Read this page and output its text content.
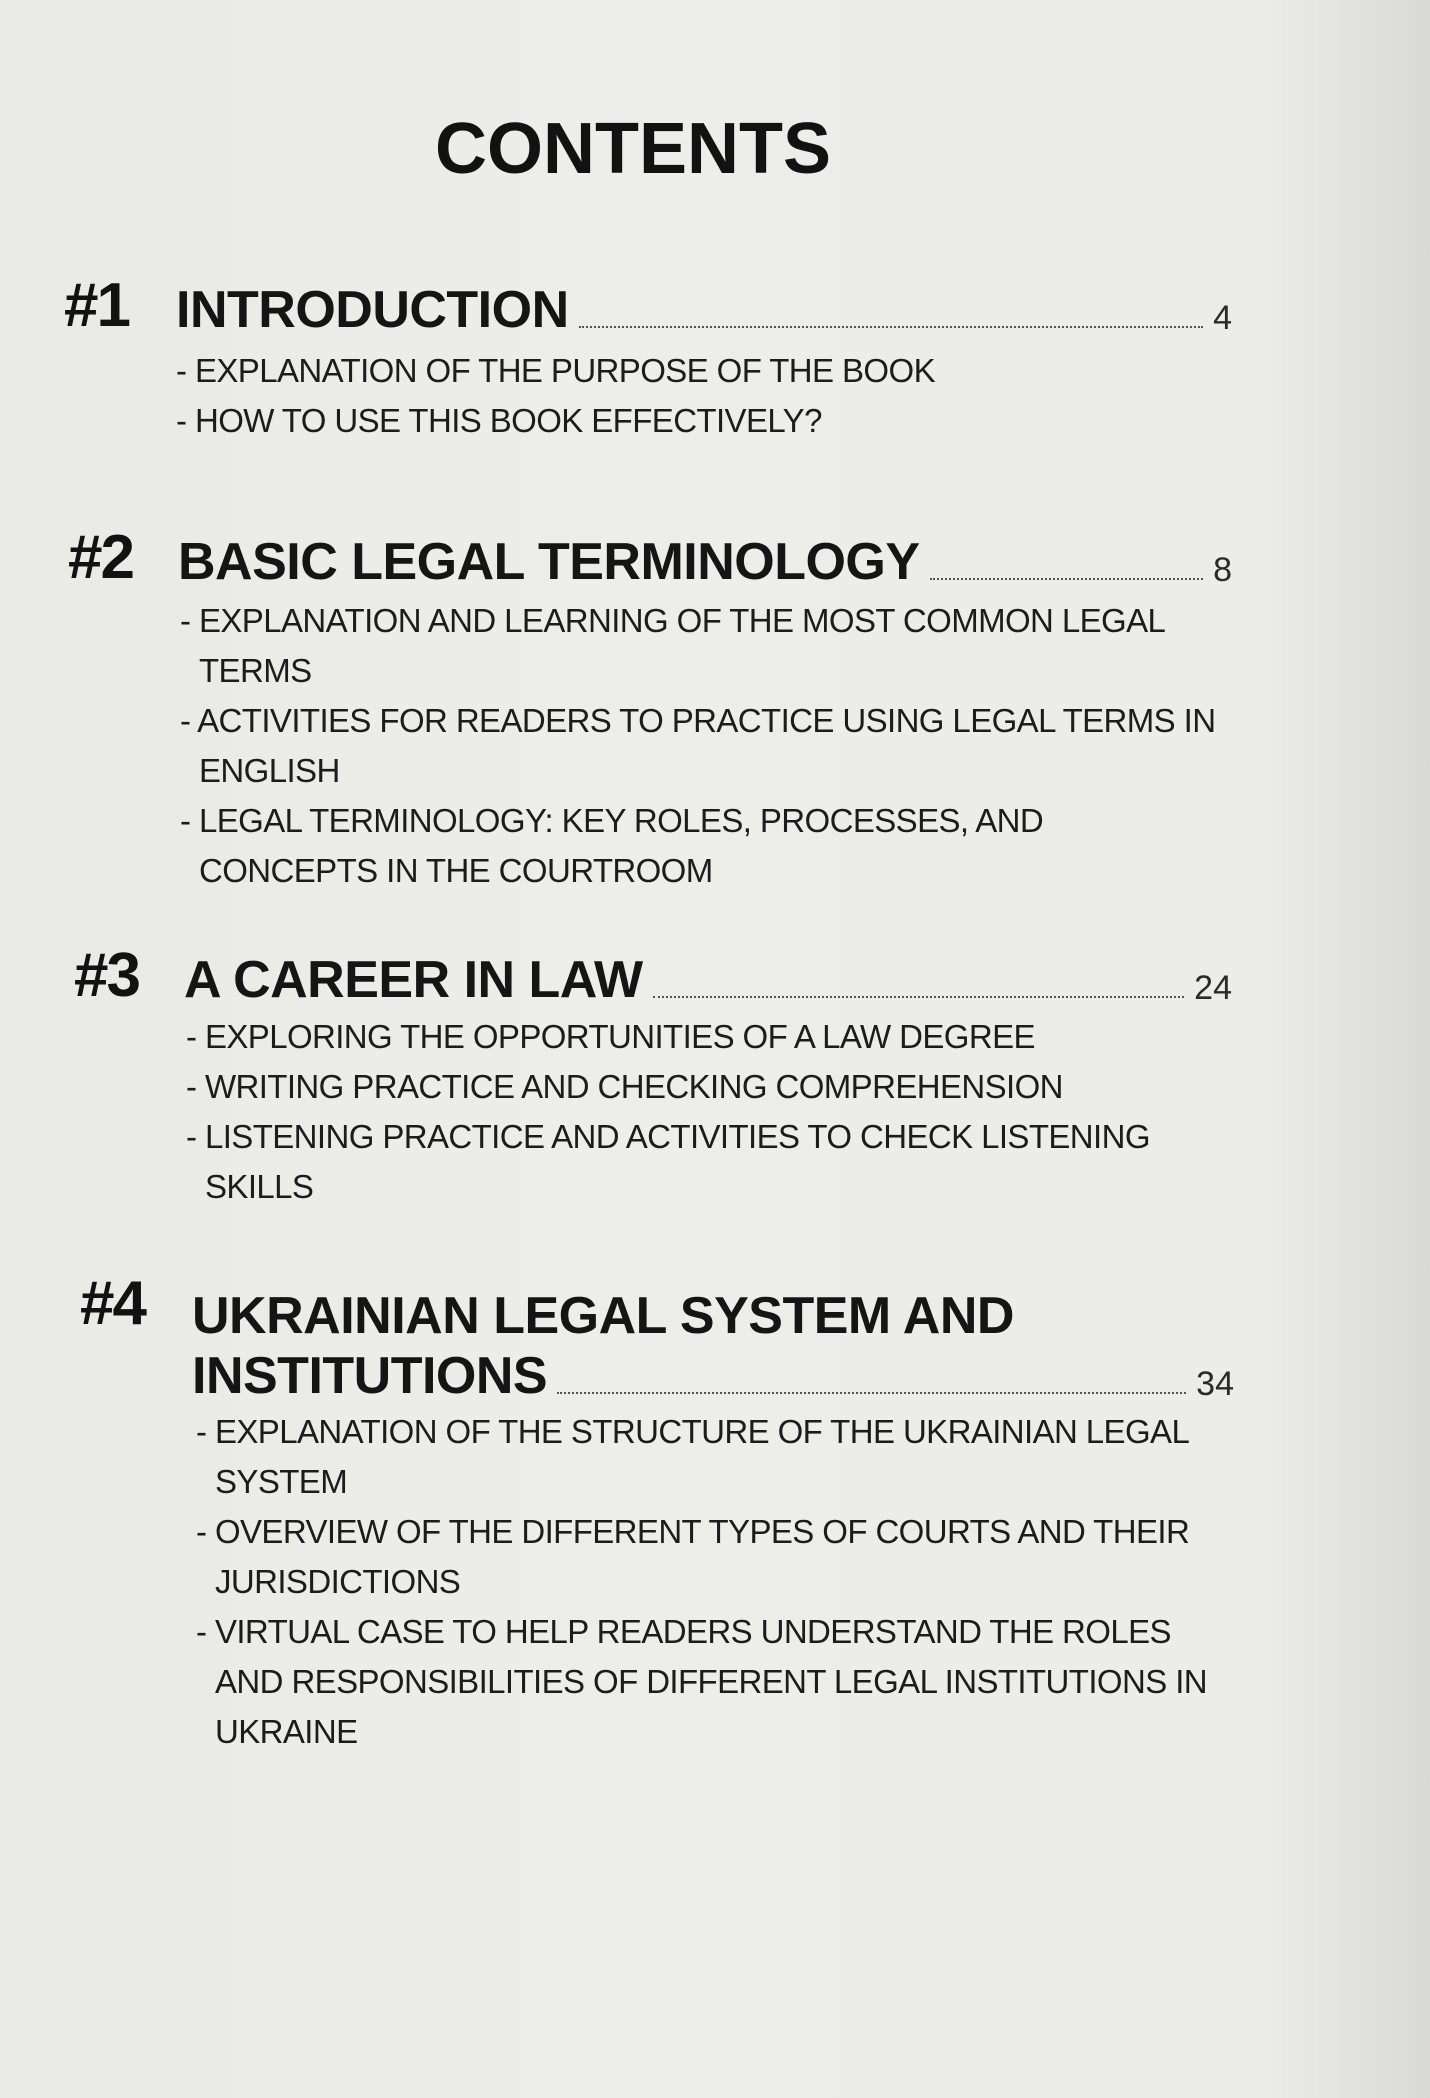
CONTENTS
#1 INTRODUCTION	4
- EXPLANATION OF THE PURPOSE OF THE BOOK
- HOW TO USE THIS BOOK EFFECTIVELY?
#2 BASIC LEGAL TERMINOLOGY	8
- EXPLANATION AND LEARNING OF THE MOST COMMON LEGAL TERMS
- ACTIVITIES FOR READERS TO PRACTICE USING LEGAL TERMS IN ENGLISH
- LEGAL TERMINOLOGY: KEY ROLES, PROCESSES, AND CONCEPTS IN THE COURTROOM
#3 A CAREER IN LAW	24
- EXPLORING THE OPPORTUNITIES OF A LAW DEGREE
- WRITING PRACTICE AND CHECKING COMPREHENSION
- LISTENING PRACTICE AND ACTIVITIES TO CHECK LISTENING SKILLS
#4 UKRAINIAN LEGAL SYSTEM AND
INSTITUTIONS	34
- EXPLANATION OF THE STRUCTURE OF THE UKRAINIAN LEGAL SYSTEM
- OVERVIEW OF THE DIFFERENT TYPES OF COURTS AND THEIR JURISDICTIONS
- VIRTUAL CASE TO HELP READERS UNDERSTAND THE ROLES AND RESPONSIBILITIES OF DIFFERENT LEGAL INSTITUTIONS IN UKRAINE
